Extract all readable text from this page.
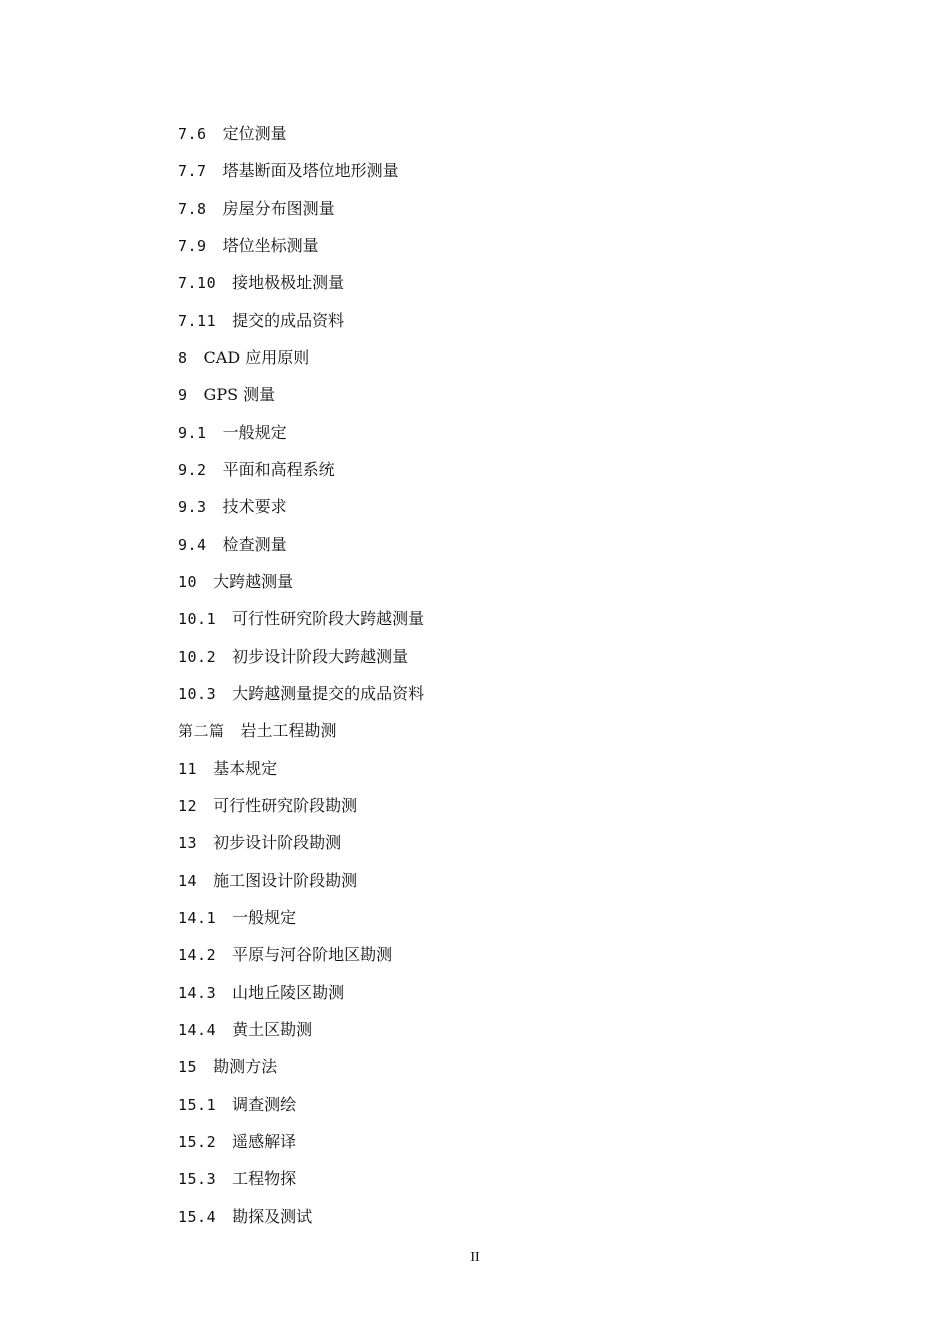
7.6 定位测量
7.7 塔基断面及塔位地形测量
7.8 房屋分布图测量
7.9 塔位坐标测量
7.10 接地极极址测量
7.11 提交的成品资料
8 CAD 应用原则
9 GPS 测量
9.1 一般规定
9.2 平面和高程系统
9.3 技术要求
9.4 检查测量
10 大跨越测量
10.1 可行性研究阶段大跨越测量
10.2 初步设计阶段大跨越测量
10.3 大跨越测量提交的成品资料
第二篇 岩土工程勘测
11 基本规定
12 可行性研究阶段勘测
13 初步设计阶段勘测
14 施工图设计阶段勘测
14.1 一般规定
14.2 平原与河谷阶地区勘测
14.3 山地丘陵区勘测
14.4 黄土区勘测
15 勘测方法
15.1 调查测绘
15.2 遥感解译
15.3 工程物探
15.4 勘探及测试
II
